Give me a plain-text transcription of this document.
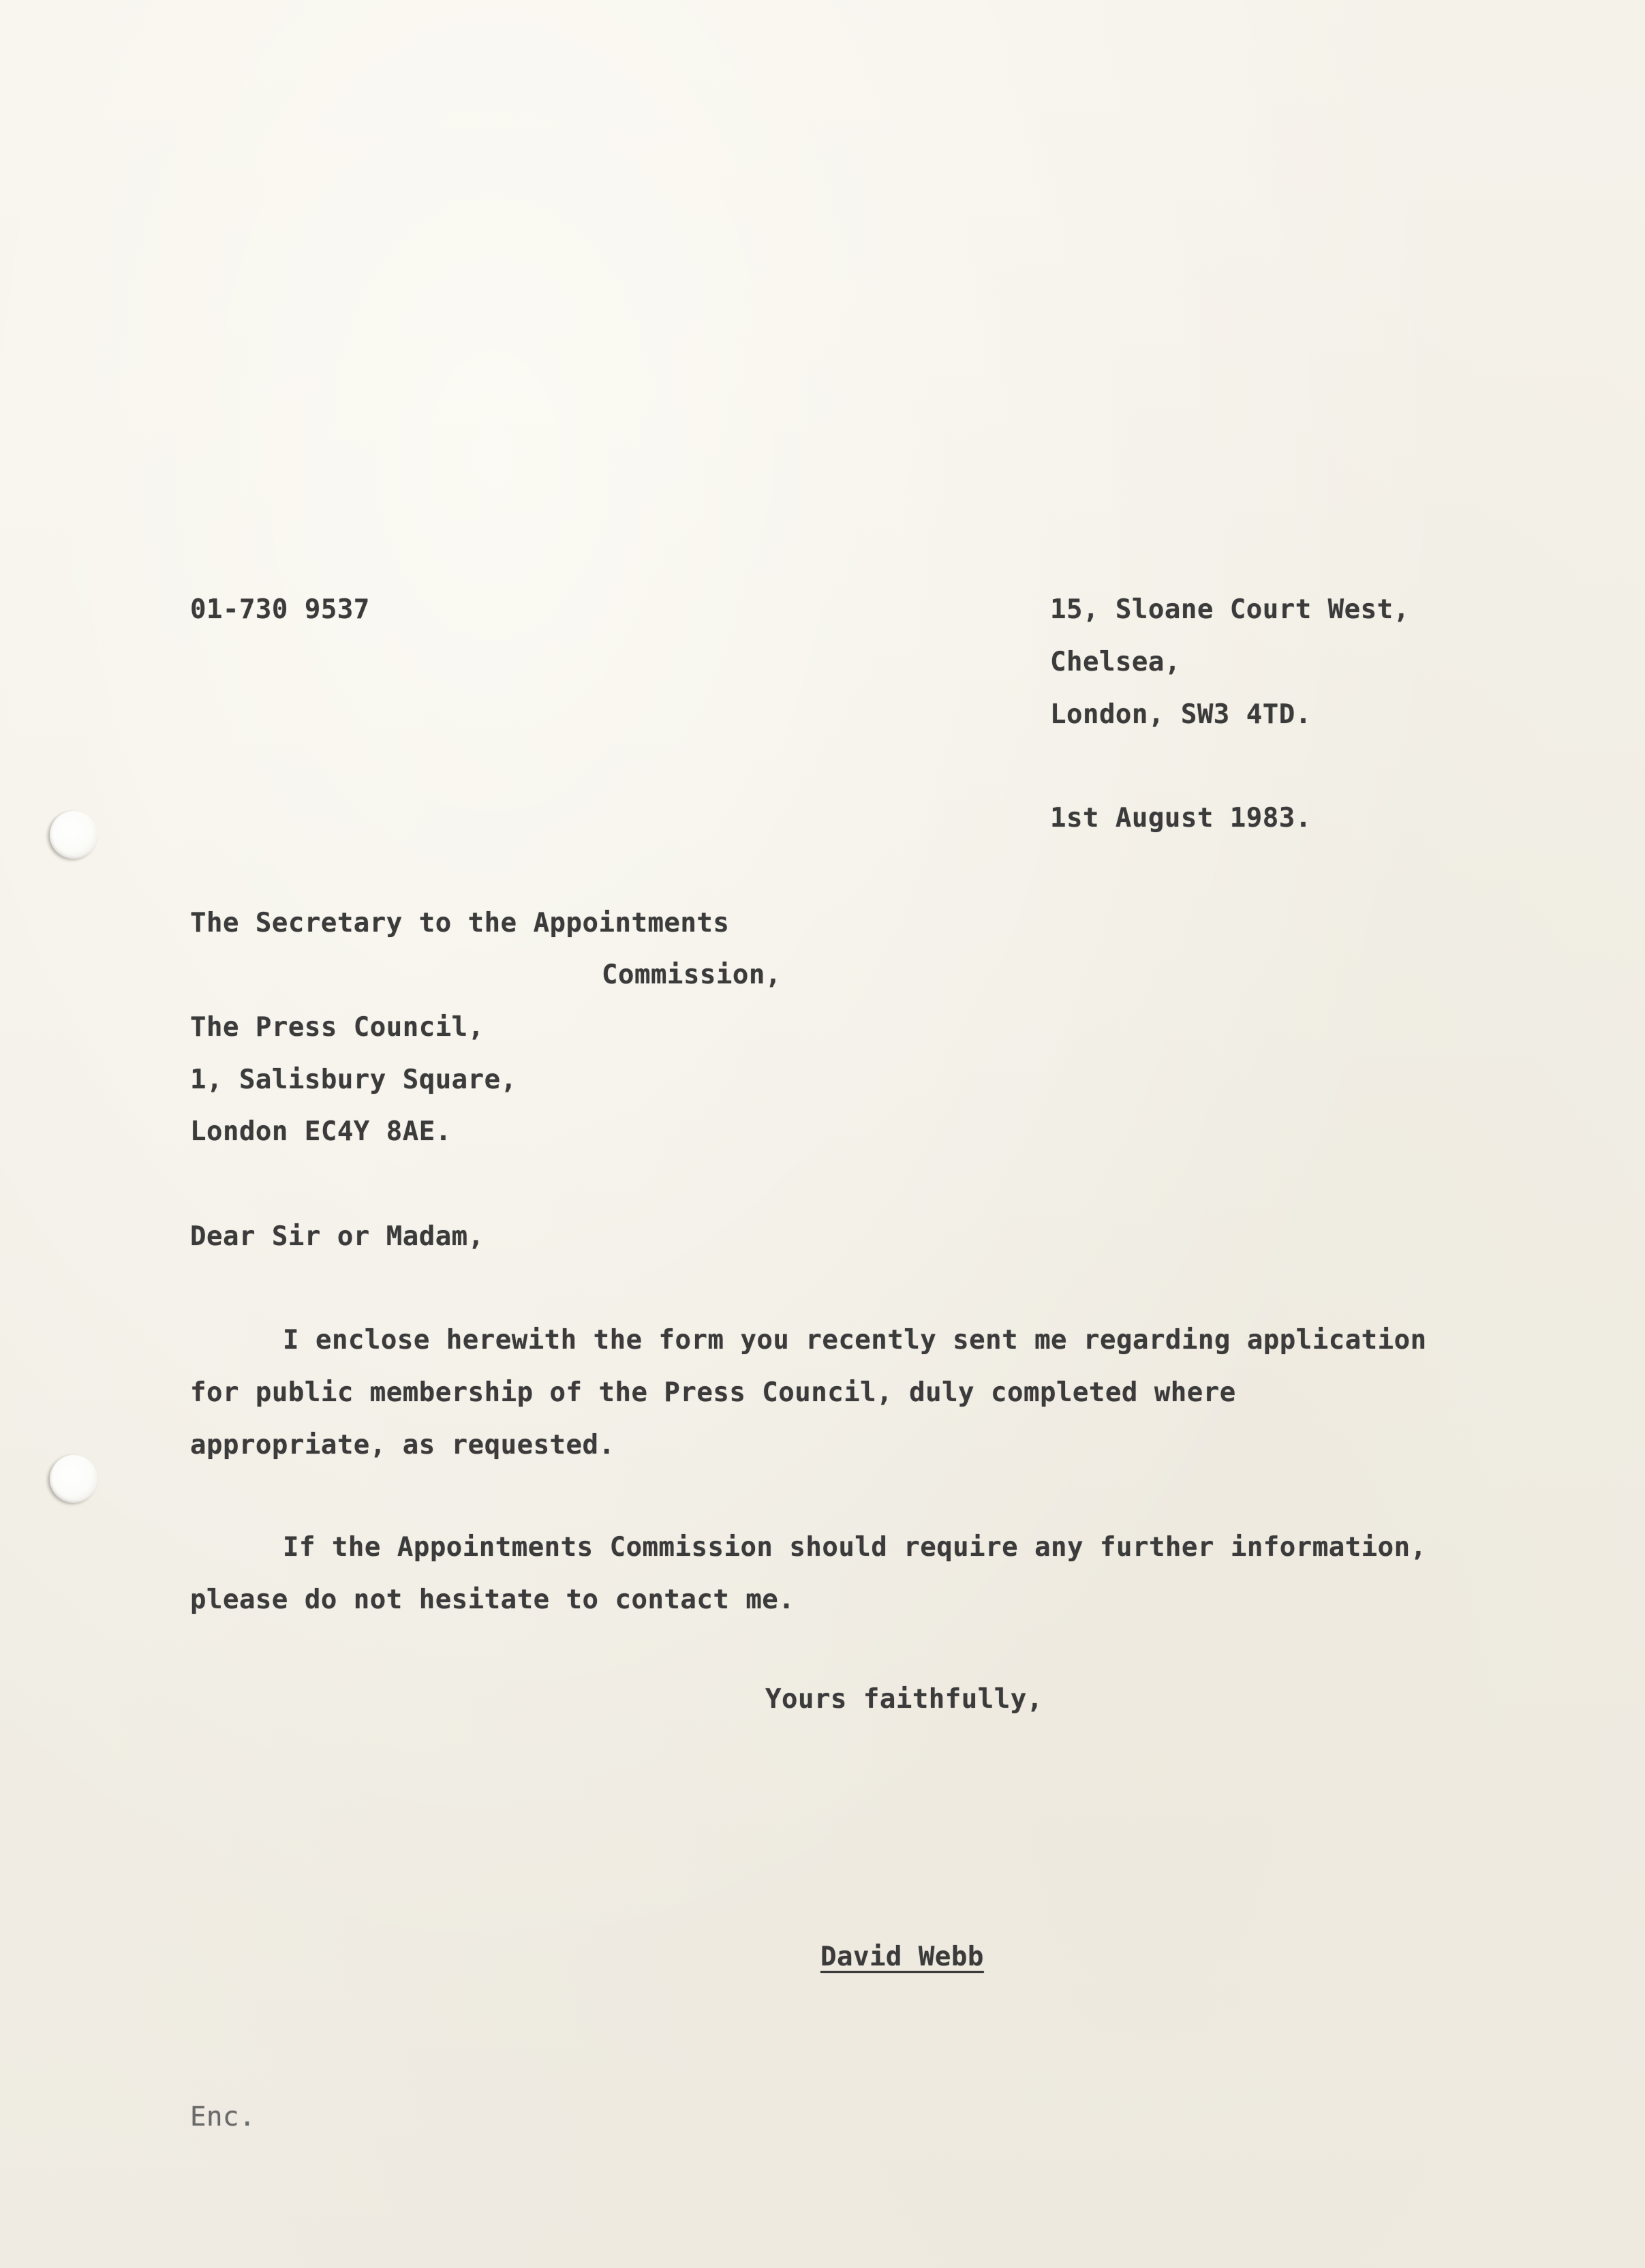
01-730 9537	15, Sloane Court West,

Chelsea,

London, SW3 4TD.

1st August 1983.

The Secretary to the Appointments

Commission,

The Press Council,

1, Salisbury Square,

London EC4Y 8AE.

Dear Sir or Madam,

I enclose herewith the form you recently sent me regarding application

for public membership of the Press Council, duly completed where

appropriate, as requested.

If the Appointments Commission should require any further information,

please do not hesitate to contact me.

Yours faithfully,

David Webb

Enc.
